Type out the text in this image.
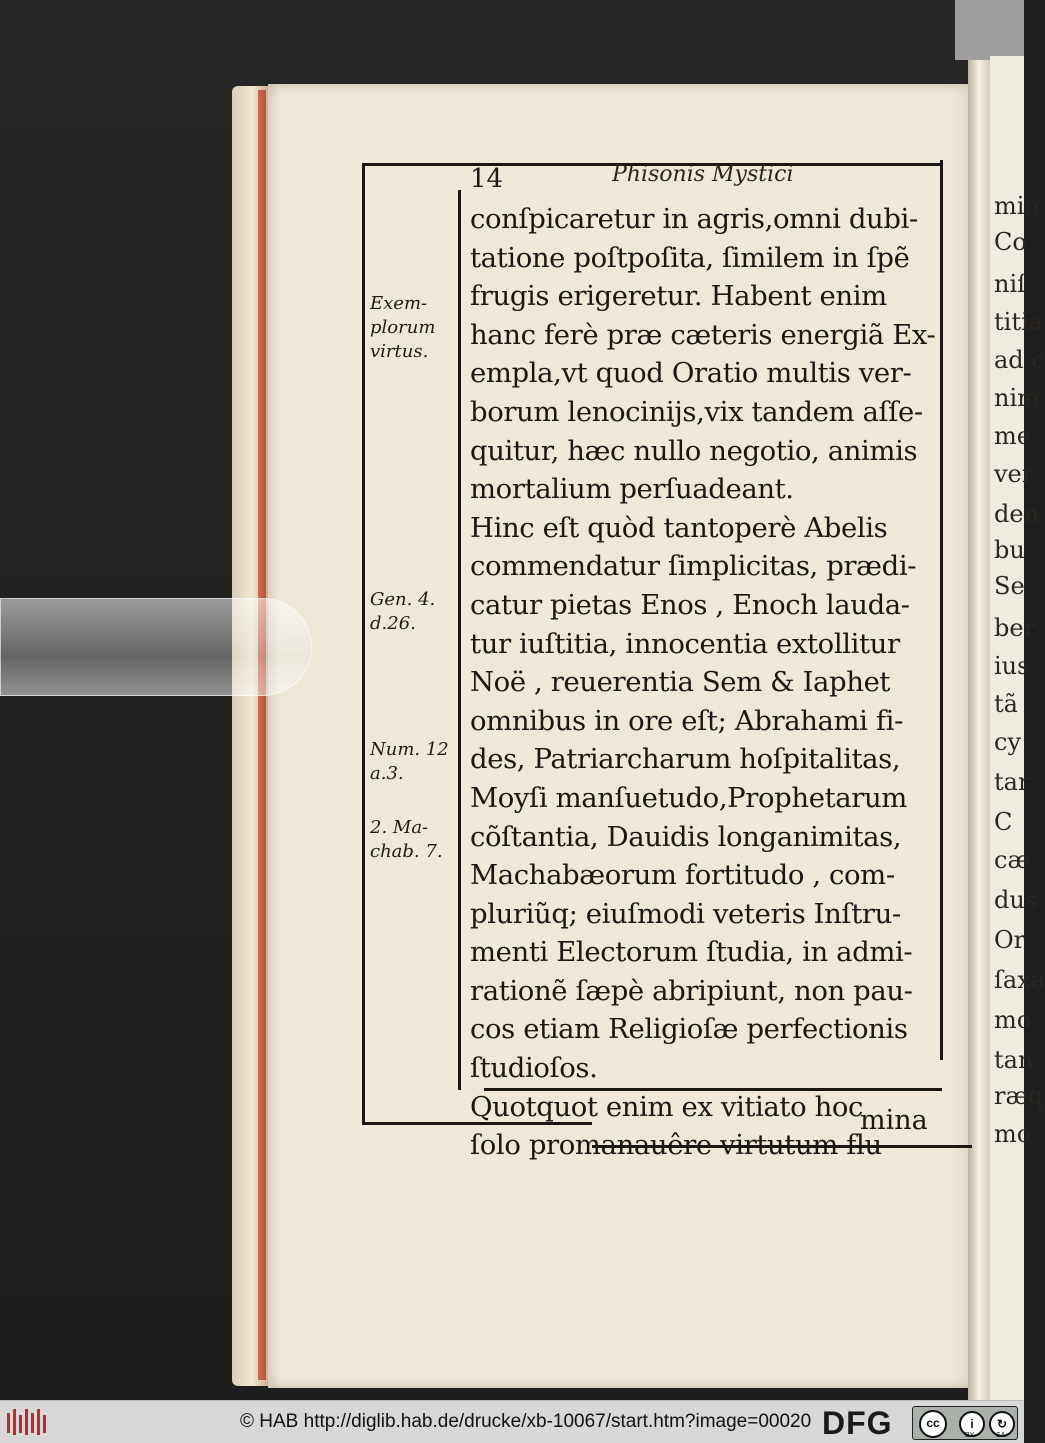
min
Co
niſ
titia
ad c
nim
me
ver
den
bu
Se
ber
ius
tã
cy
tar
C
cæ
dus
Or
ſaxa
mo
tan
ræq
mo
14	Phisonis Mystici
Exem-
plorum
virtus.
Gen. 4.
d.26.
Num. 12
a.3.
2. Ma-
chab. 7.
conſpicaretur in agris,omni dubi-
tatione poſtpoſita, ſimilem in ſpẽ
frugis erigeretur. Habent enim
hanc ferè præ cæteris energiã Ex-
empla,vt quod Oratio multis ver-
borum lenocinijs,vix tandem aſſe-
quitur, hæc nullo negotio, animis
mortalium perſuadeant.
Hinc eſt quòd tantoperè Abelis
commendatur ſimplicitas, prædi-
catur pietas Enos , Enoch lauda-
tur iuſtitia, innocentia extollitur
Noë , reuerentia Sem & Iaphet
omnibus in ore eſt; Abrahami fi-
des, Patriarcharum hoſpitalitas,
Moyſi manſuetudo,Prophetarum
cõſtantia, Dauidis longanimitas,
Machabæorum fortitudo , com-
pluriũq; eiuſmodi veteris Inſtru-
menti Electorum ſtudia, in admi-
rationẽ ſæpè abripiunt, non pau-
cos etiam Religioſæ perfectionis
ſtudioſos.
Quotquot enim ex vitiato hoc
ſolo promanauêre virtutum flu-
mina
© HAB http://diglib.hab.de/drucke/xb-10067/start.htm?image=00020 DFG	cc	i	↻
BY	SA
